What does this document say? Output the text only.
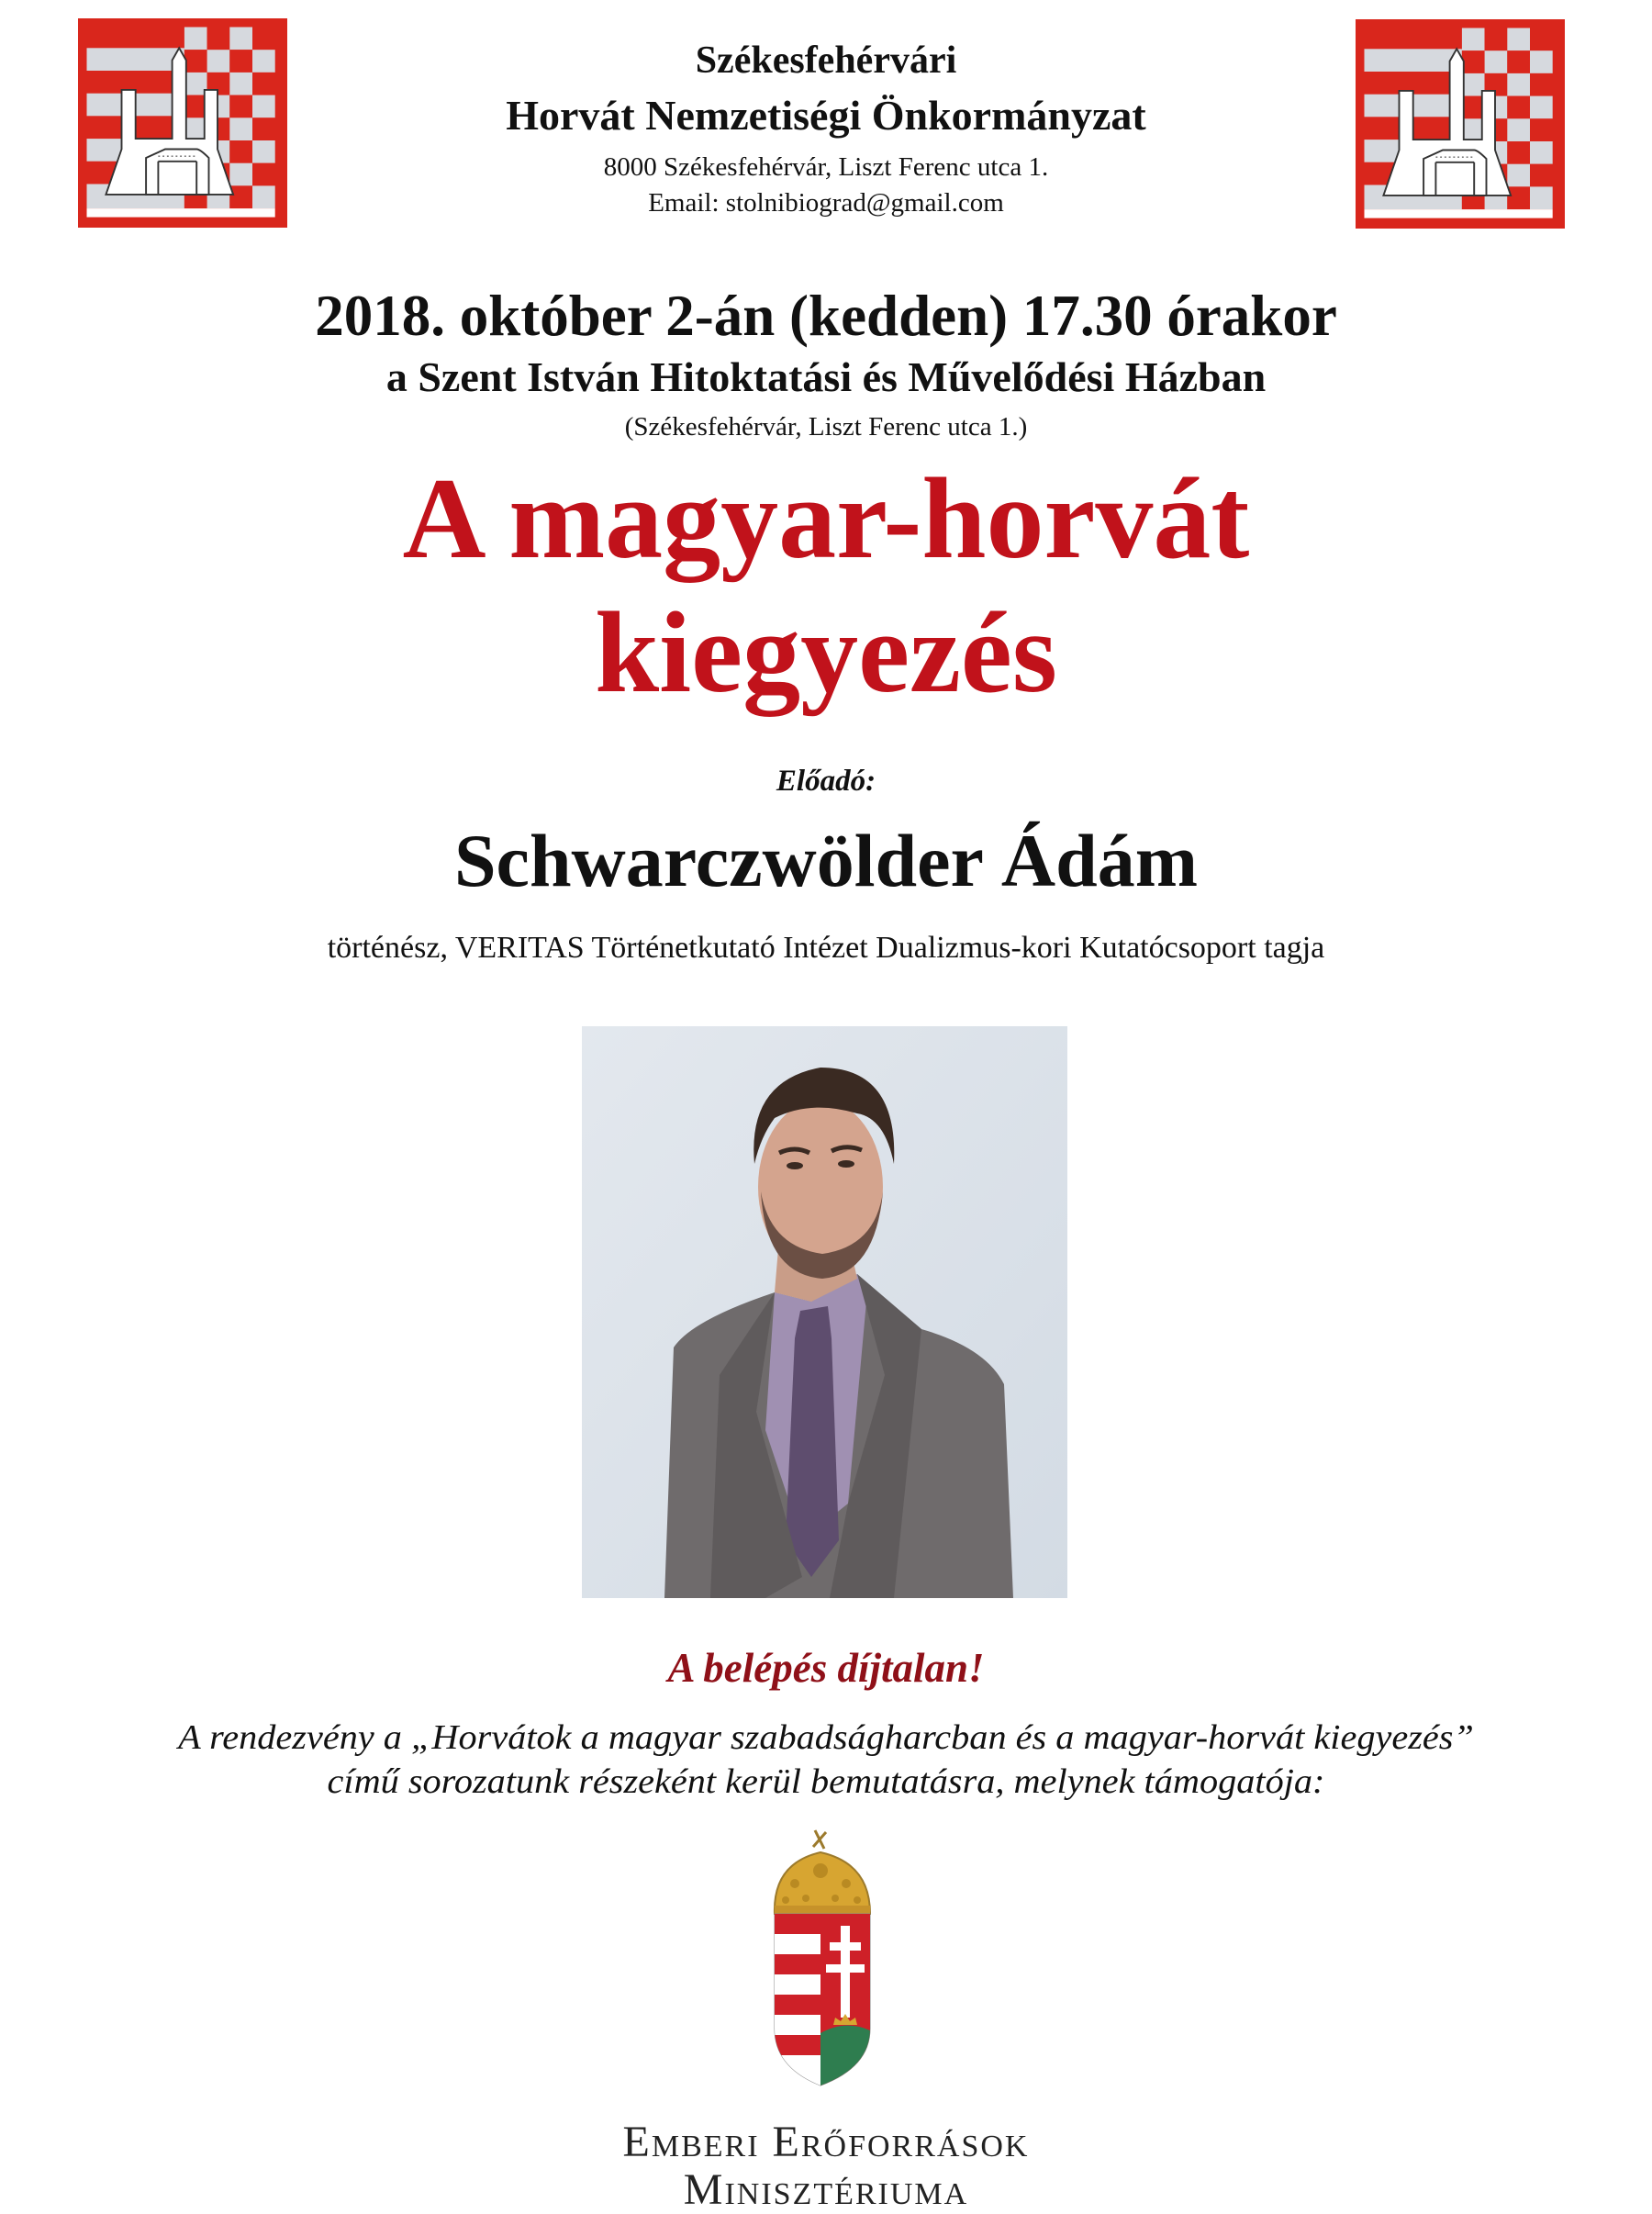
Székesfehérvári
Horvát Nemzetiségi Önkormányzat
8000 Székesfehérvár, Liszt Ferenc utca 1.
Email: stolnibiograd@gmail.com
2018. október 2-án (kedden) 17.30 órakor
a Szent István Hitoktatási és Művelődési Házban
(Székesfehérvár, Liszt Ferenc utca 1.)
A magyar-horvát
kiegyezés
Előadó:
Schwarczwölder Ádám
történész, VERITAS Történetkutató Intézet Dualizmus-kori Kutatócsoport tagja
A belépés díjtalan!
A rendezvény a „Horvátok a magyar szabadságharcban és a magyar-horvát kiegyezés”
című sorozatunk részeként kerül bemutatásra, melynek támogatója:
Emberi Erőforrások
Minisztériuma
